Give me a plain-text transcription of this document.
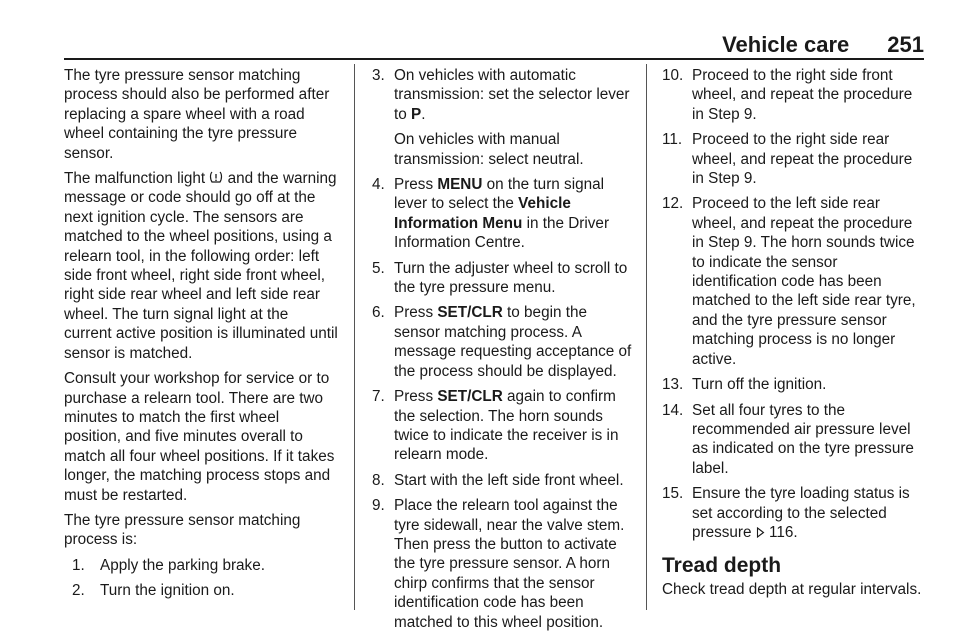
Vehicle care 251

The tyre pressure sensor matching process should also be performed after replacing a spare wheel with a road wheel containing the tyre pressure sensor.

The malfunction light and the warning message or code should go off at the next ignition cycle. The sensors are matched to the wheel positions, using a relearn tool, in the following order: left side front wheel, right side front wheel, right side rear wheel and left side rear wheel. The turn signal light at the current active position is illuminated until sensor is matched.

Consult your workshop for service or to purchase a relearn tool. There are two minutes to match the first wheel position, and five minutes overall to match all four wheel positions. If it takes longer, the matching process stops and must be restarted.

The tyre pressure sensor matching process is:

1. Apply the parking brake.
2. Turn the ignition on.
3. On vehicles with automatic transmission: set the selector lever to P.

On vehicles with manual transmission: select neutral.

4. Press MENU on the turn signal lever to select the Vehicle Information Menu in the Driver Information Centre.

5. Turn the adjuster wheel to scroll to the tyre pressure menu.
6. Press SET/CLR to begin the sensor matching process. A message requesting acceptance of the process should be displayed.

7. Press SET/CLR again to confirm the selection. The horn sounds twice to indicate the receiver is in relearn mode.

8. Start with the left side front wheel.
9. Place the relearn tool against the tyre sidewall, near the valve stem. Then press the button to activate the tyre pressure sensor. A horn chirp confirms that the sensor identification code has been matched to this wheel position.
10. Proceed to the right side front wheel, and repeat the procedure in Step 9.
11. Proceed to the right side rear wheel, and repeat the procedure in Step 9.
12. Proceed to the left side rear wheel, and repeat the procedure in Step 9. The horn sounds twice to indicate the sensor identification code has been matched to the left side rear tyre, and the tyre pressure sensor matching process is no longer active.
13. Turn off the ignition.
14. Set all four tyres to the recommended air pressure level as indicated on the tyre pressure label.
15. Ensure the tyre loading status is set according to the selected pressure 116.
Tread depth

Check tread depth at regular intervals.
